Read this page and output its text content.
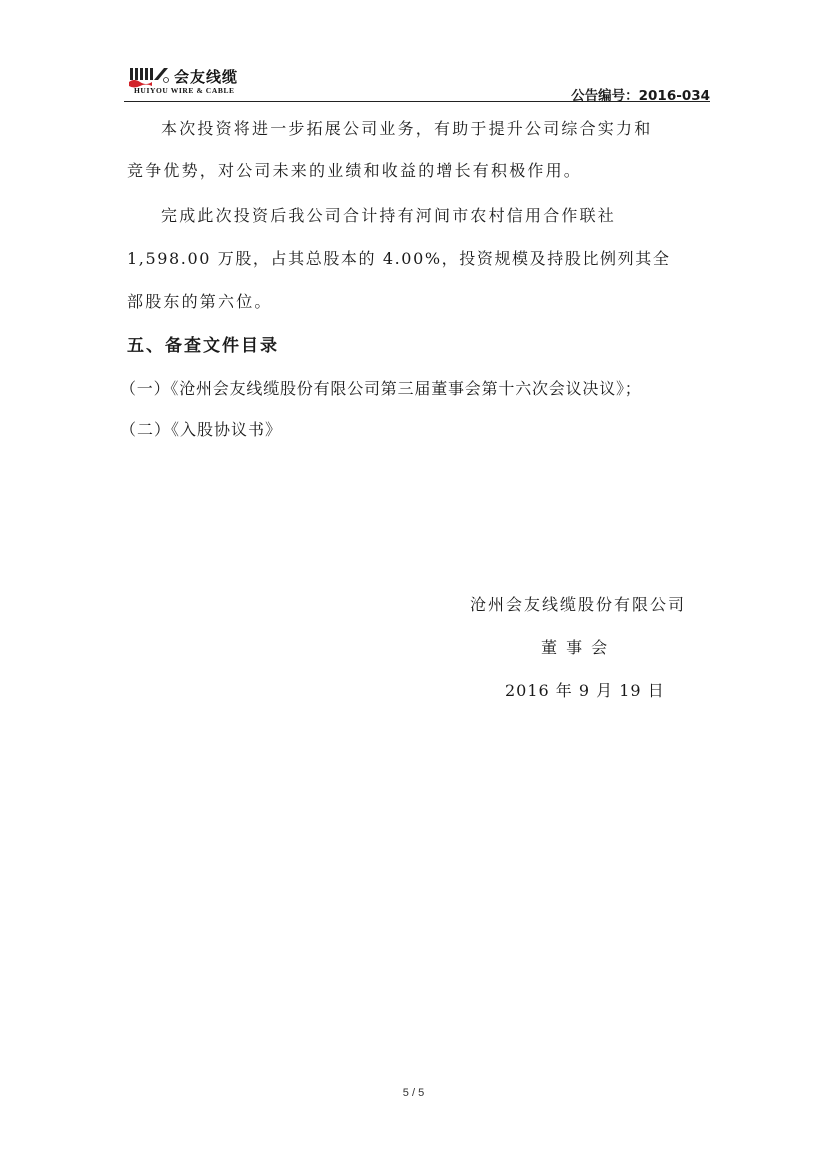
会友线缆
HUIYOU WIRE & CABLE	公告编号：2016-034
本次投资将进一步拓展公司业务，有助于提升公司综合实力和
竞争优势，对公司未来的业绩和收益的增长有积极作用。
完成此次投资后我公司合计持有河间市农村信用合作联社
1,598.00 万股，占其总股本的 4.00%，投资规模及持股比例列其全
部股东的第六位。
五、备查文件目录
（一）《沧州会友线缆股份有限公司第三届董事会第十六次会议决议》；
（二）《入股协议书》
沧州会友线缆股份有限公司
董 事 会
2016 年 9 月 19 日
5 / 5
